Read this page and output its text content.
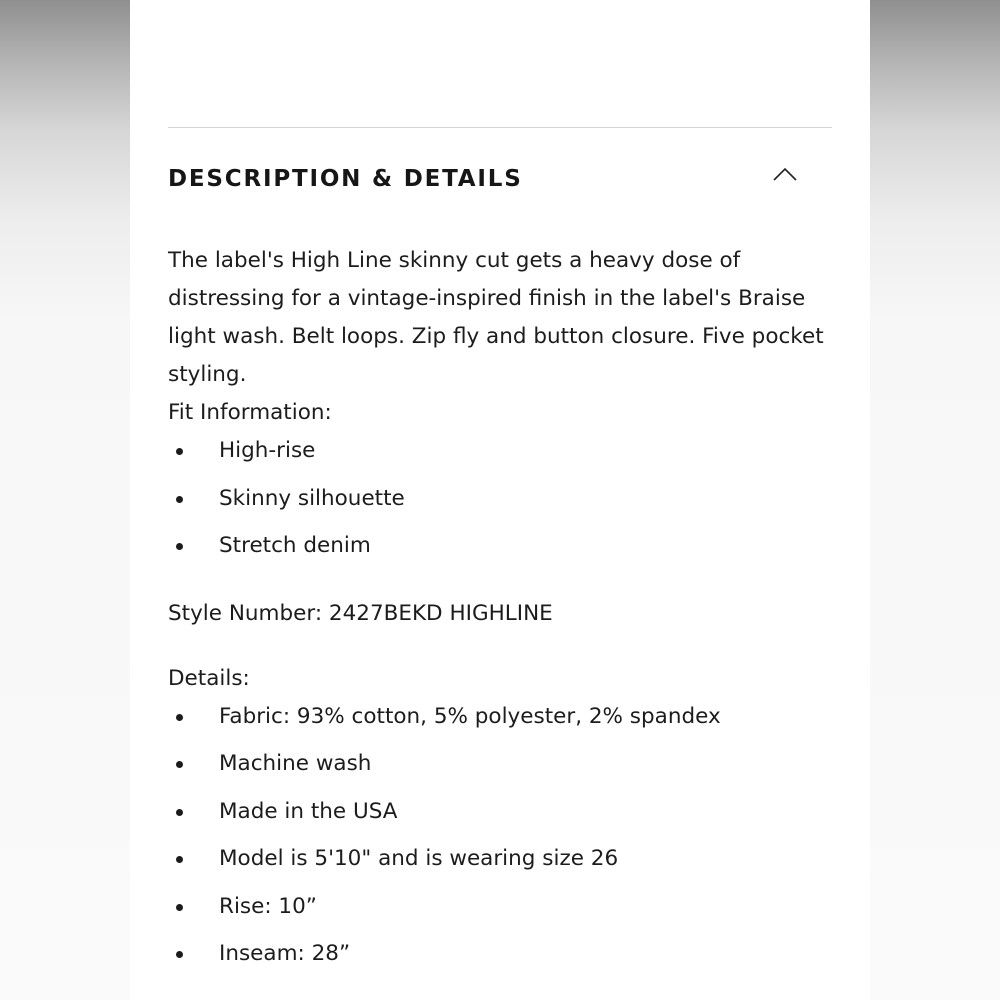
DESCRIPTION & DETAILS

The label's High Line skinny cut gets a heavy dose of distressing for a vintage-inspired finish in the label's Braise light wash. Belt loops. Zip fly and button closure. Five pocket styling.

Fit Information:

High-rise
Skinny silhouette
Stretch denim

Style Number: 2427BEKD HIGHLINE

Details:

Fabric: 93% cotton, 5% polyester, 2% spandex
Machine wash
Made in the USA
Model is 5'10" and is wearing size 26
Rise: 10”
Inseam: 28”
